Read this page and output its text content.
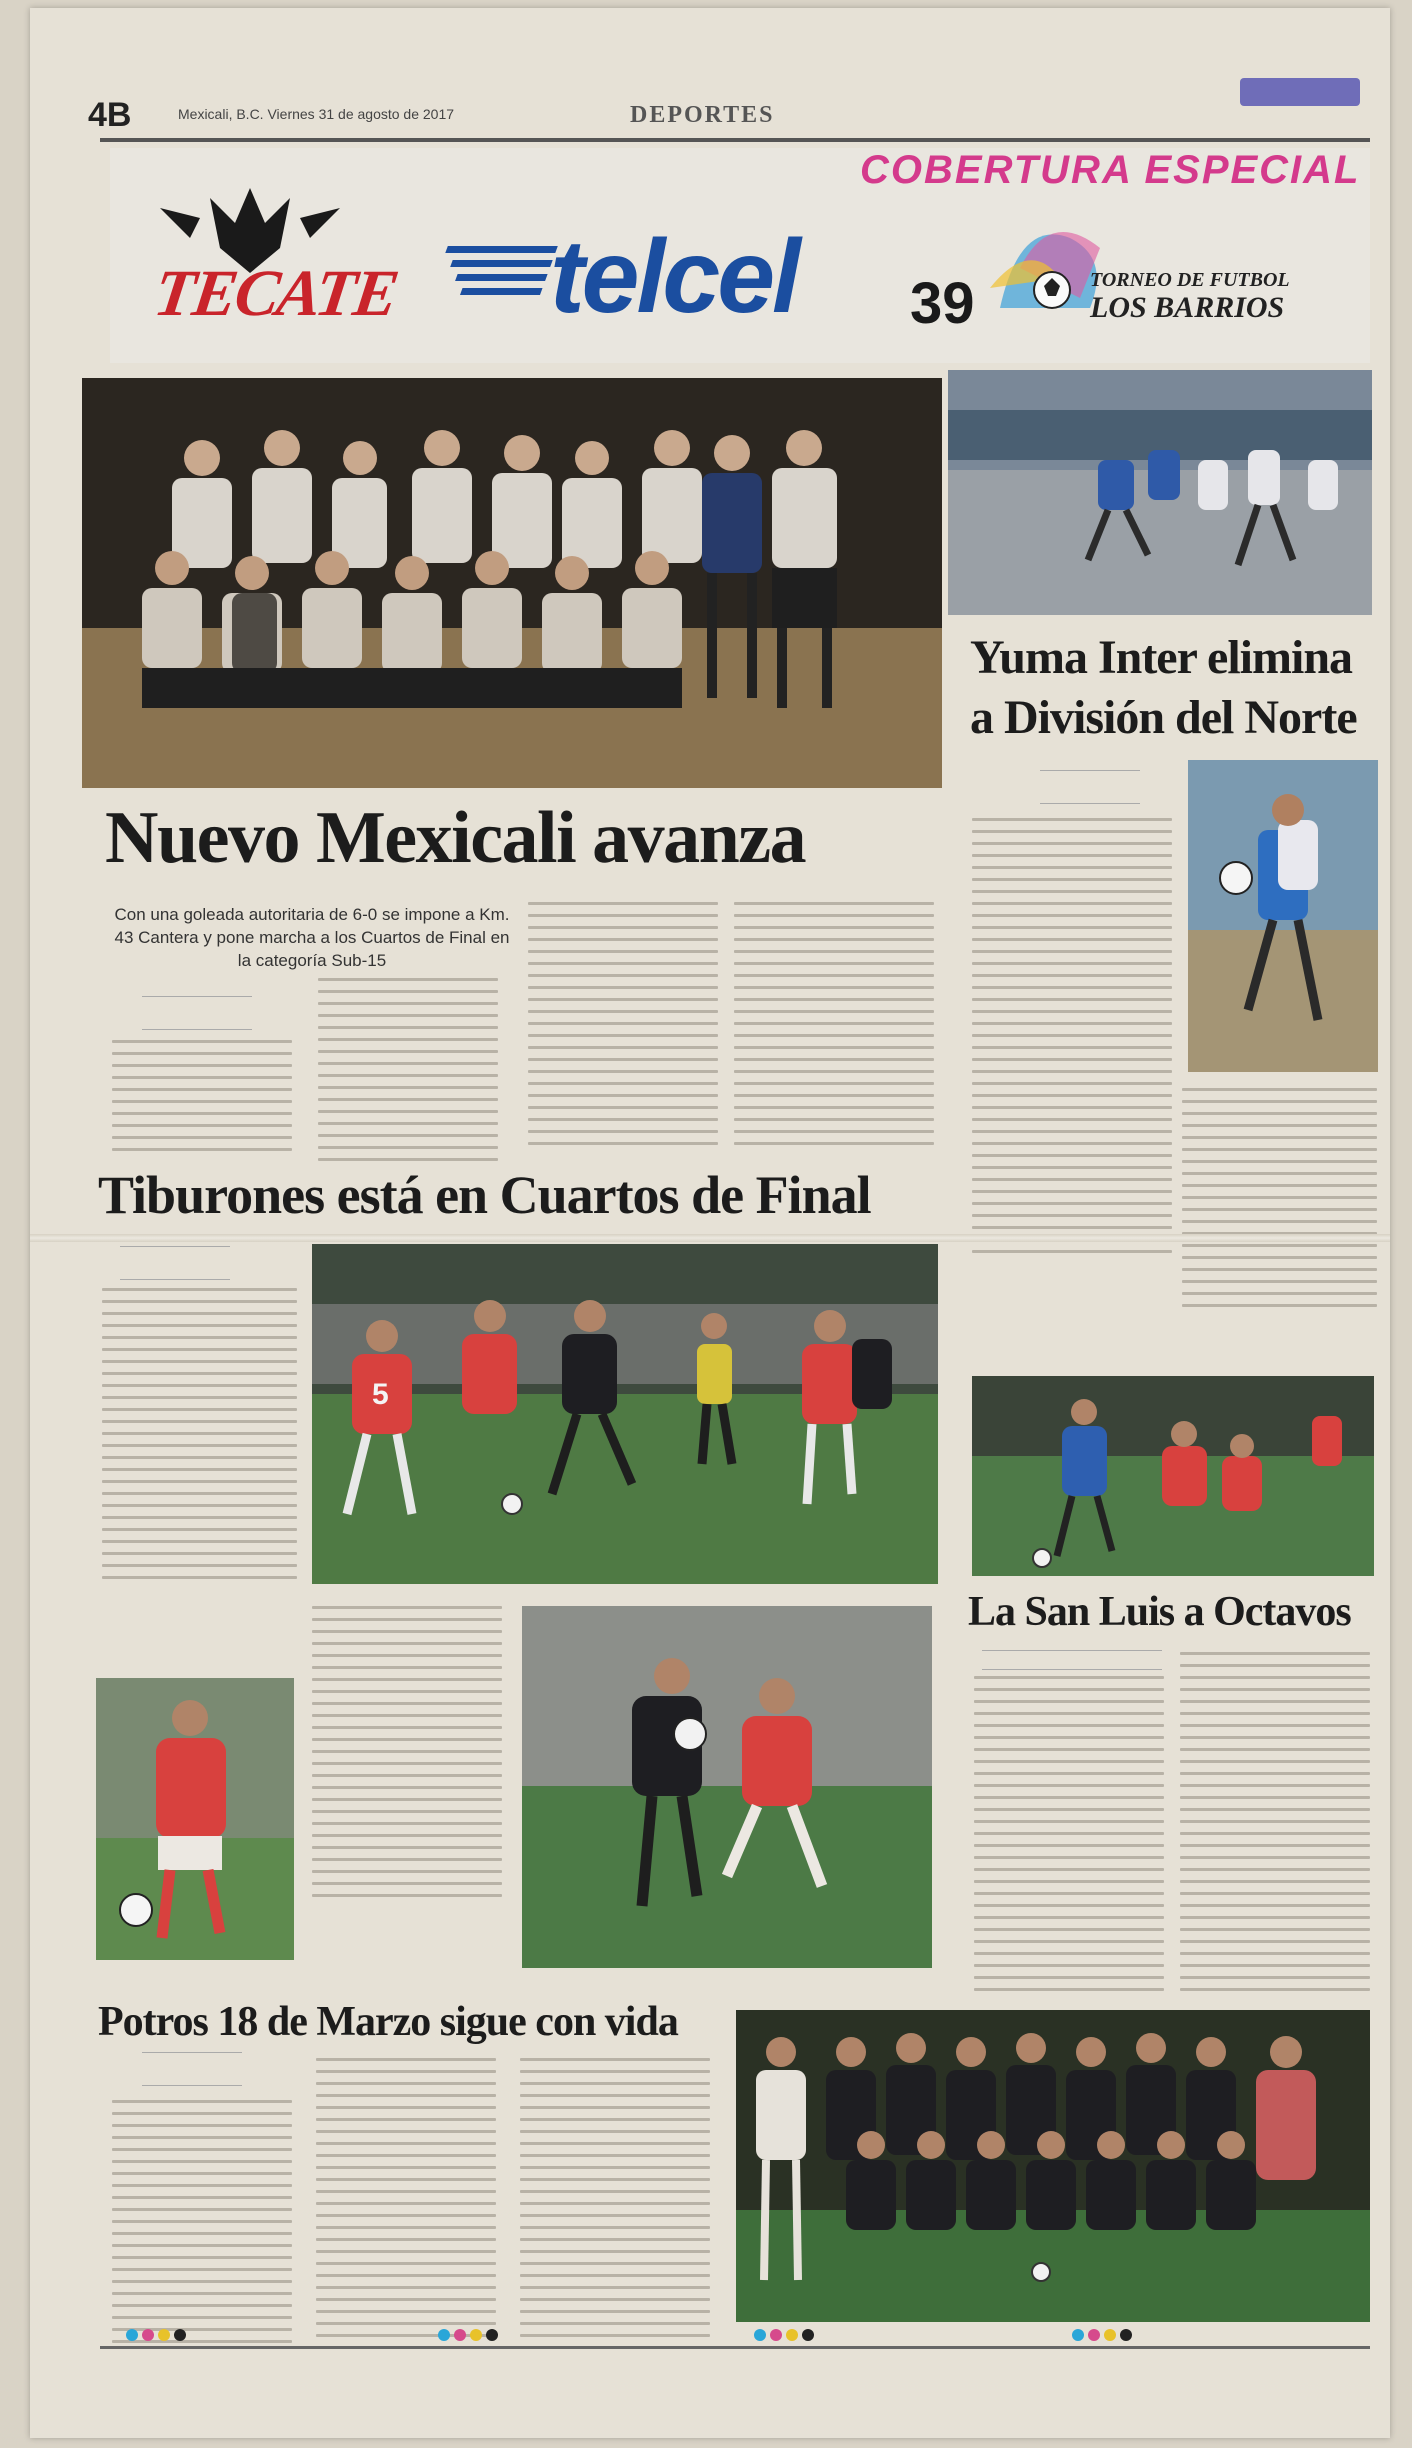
4B	Mexicali, B.C. Viernes 31 de agosto de 2017	DEPORTES
TECATE telcel
COBERTURA ESPECIAL
39	TORNEO DE FUTBOL
LOS BARRIOS
Nuevo Mexicali avanza
Con una goleada autoritaria de 6-0 se impone a Km. 43 Cantera y pone marcha a los Cuartos de Final en la categoría Sub-15
Yuma Inter elimina
a División del Norte
Tiburones está en Cuartos de Final
5
La San Luis a Octavos
Potros 18 de Marzo sigue con vida
